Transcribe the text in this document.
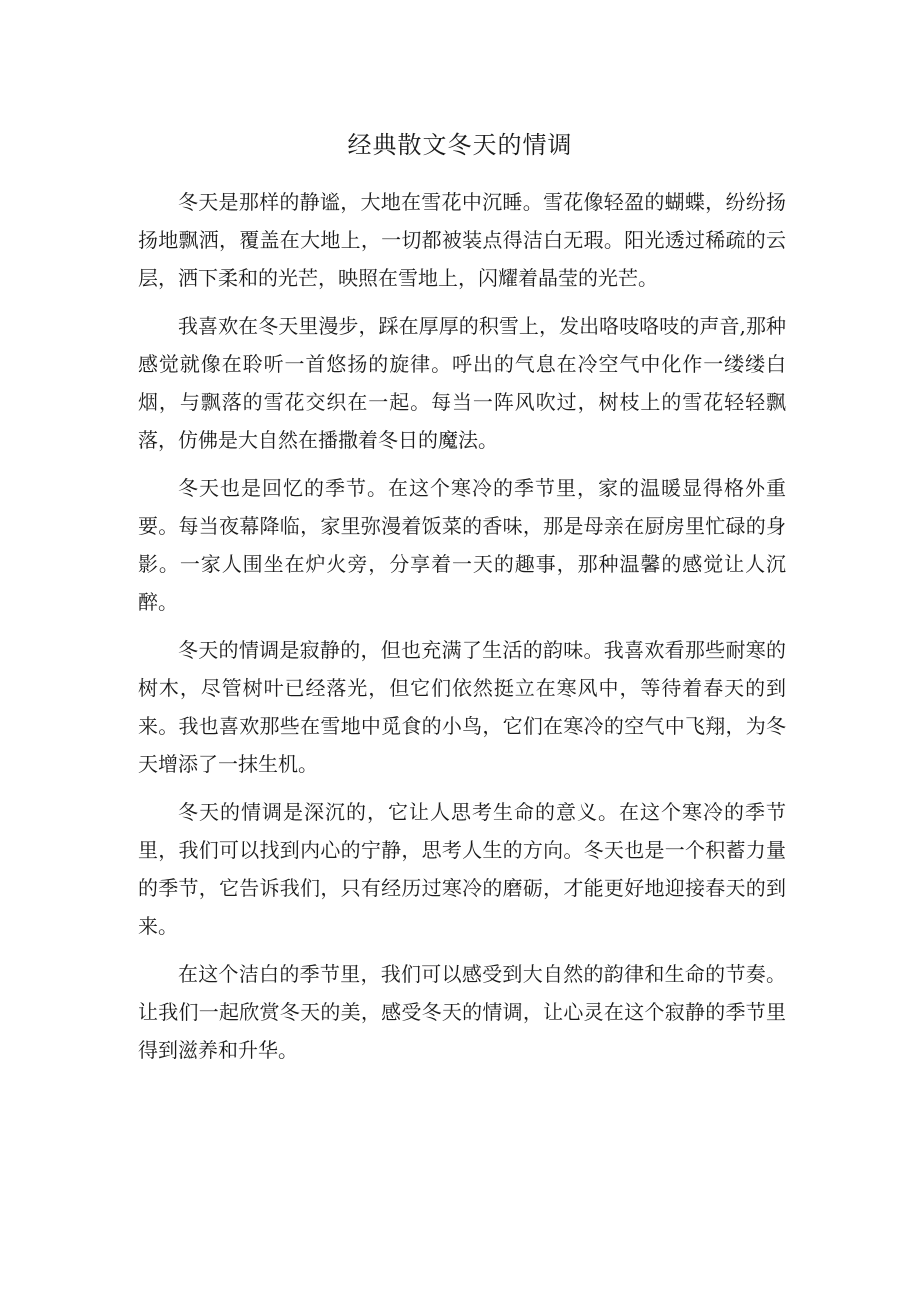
经典散文冬天的情调

冬天是那样的静谧，大地在雪花中沉睡。雪花像轻盈的蝴蝶，纷纷扬扬地飘洒，覆盖在大地上，一切都被装点得洁白无瑕。阳光透过稀疏的云层，洒下柔和的光芒，映照在雪地上，闪耀着晶莹的光芒。

我喜欢在冬天里漫步，踩在厚厚的积雪上，发出咯吱咯吱的声音,那种感觉就像在聆听一首悠扬的旋律。呼出的气息在冷空气中化作一缕缕白烟，与飘落的雪花交织在一起。每当一阵风吹过，树枝上的雪花轻轻飘落，仿佛是大自然在播撒着冬日的魔法。

冬天也是回忆的季节。在这个寒冷的季节里，家的温暖显得格外重要。每当夜幕降临，家里弥漫着饭菜的香味，那是母亲在厨房里忙碌的身影。一家人围坐在炉火旁，分享着一天的趣事，那种温馨的感觉让人沉醉。

冬天的情调是寂静的，但也充满了生活的韵味。我喜欢看那些耐寒的树木，尽管树叶已经落光，但它们依然挺立在寒风中，等待着春天的到来。我也喜欢那些在雪地中觅食的小鸟，它们在寒冷的空气中飞翔，为冬天增添了一抹生机。

冬天的情调是深沉的，它让人思考生命的意义。在这个寒冷的季节里，我们可以找到内心的宁静，思考人生的方向。冬天也是一个积蓄力量的季节，它告诉我们，只有经历过寒冷的磨砺，才能更好地迎接春天的到来。

在这个洁白的季节里，我们可以感受到大自然的韵律和生命的节奏。让我们一起欣赏冬天的美，感受冬天的情调，让心灵在这个寂静的季节里得到滋养和升华。
